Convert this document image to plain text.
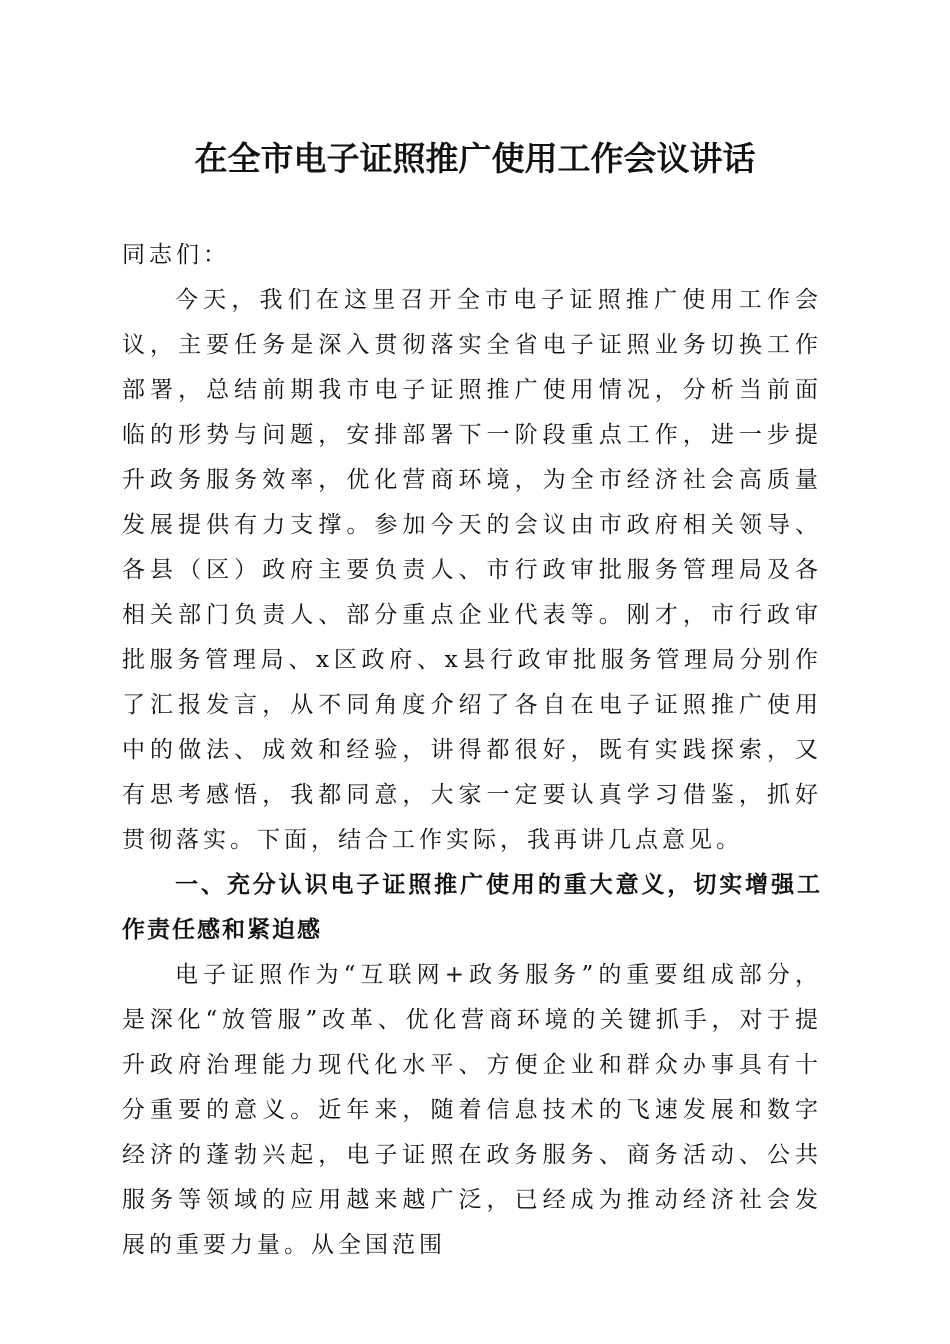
在全市电子证照推广使用工作会议讲话

同志们：

今天，我们在这里召开全市电子证照推广使用工作会议，主要任务是深入贯彻落实全省电子证照业务切换工作部署，总结前期我市电子证照推广使用情况，分析当前面临的形势与问题，安排部署下一阶段重点工作，进一步提升政务服务效率，优化营商环境，为全市经济社会高质量发展提供有力支撑。参加今天的会议由市政府相关领导、各县（区）政府主要负责人、市行政审批服务管理局及各相关部门负责人、部分重点企业代表等。刚才，市行政审批服务管理局、x区政府、x县行政审批服务管理局分别作了汇报发言，从不同角度介绍了各自在电子证照推广使用中的做法、成效和经验，讲得都很好，既有实践探索，又有思考感悟，我都同意，大家一定要认真学习借鉴，抓好贯彻落实。下面，结合工作实际，我再讲几点意见。

一、充分认识电子证照推广使用的重大意义，切实增强工作责任感和紧迫感

电子证照作为“互联网+政务服务”的重要组成部分，是深化“放管服”改革、优化营商环境的关键抓手，对于提升政府治理能力现代化水平、方便企业和群众办事具有十分重要的意义。近年来，随着信息技术的飞速发展和数字经济的蓬勃兴起，电子证照在政务服务、商务活动、公共服务等领域的应用越来越广泛，已经成为推动经济社会发展的重要力量。从全国范围
